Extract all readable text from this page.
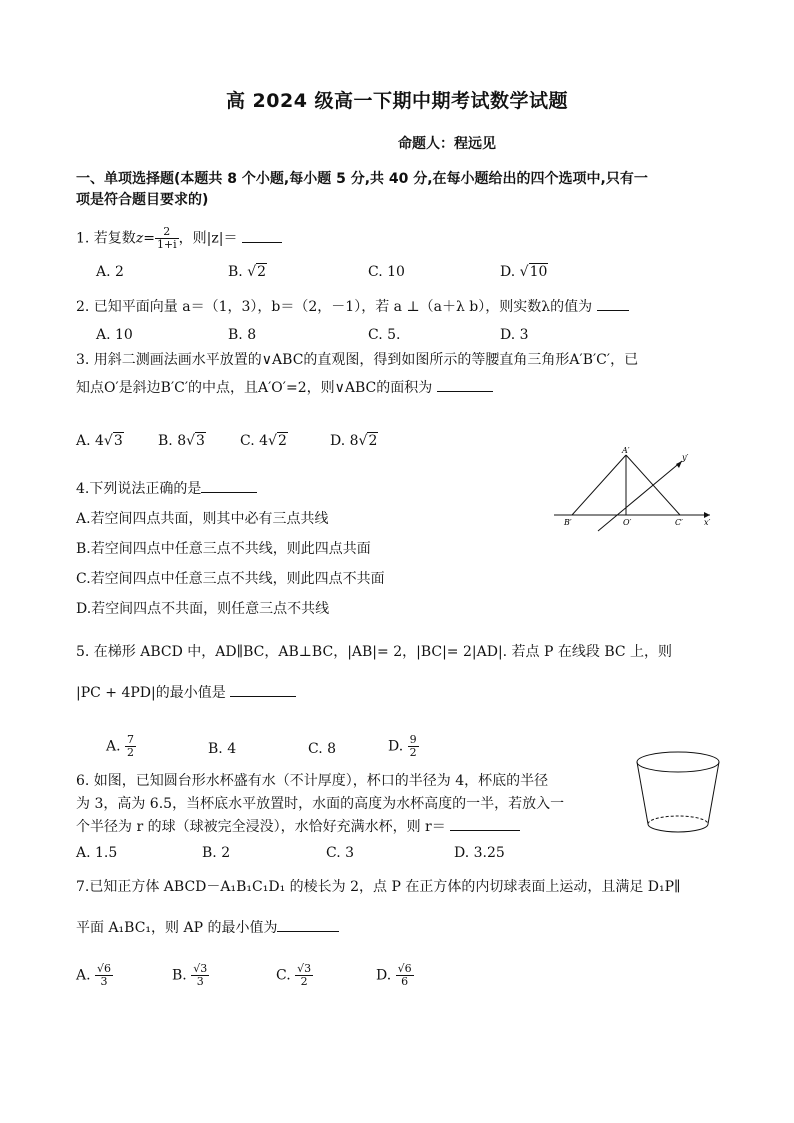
高 2024 级高一下期中期考试数学试题
命题人：程远见
一、单项选择题(本题共 8 个小题,每小题 5 分,共 40 分,在每小题给出的四个选项中,只有一
项是符合题目要求的)
1. 若复数$z= \frac{2}{1+i}$ ，则|z|＝
A. 2	B. √2	C. 10	D. √10
2. 已知平面向量 a＝（1，3），b＝（2，－1），若 a ⊥（a＋λ b），则实数λ的值为
A. 10	B. 8	C. 5.	D. 3
3. 用斜二测画法画水平放置的∨ABC的直观图，得到如图所示的等腰直角三角形A′B′C′，已
知点O′是斜边B′C′的中点，且A′O′=2，则∨ABC的面积为
A. 4√3	B. 8√3	C. 4√2	D. 8√2
A′
B′	O′	C′	x′
y′
4.下列说法正确的是
A.若空间四点共面，则其中必有三点共线
B.若空间四点中任意三点不共线，则此四点共面
C.若空间四点中任意三点不共线，则此四点不共面
D.若空间四点不共面，则任意三点不共线
5. 在梯形 ABCD 中，AD∥BC，AB⊥BC，|AB|= 2，|BC|= 2|AD|. 若点 P 在线段 BC 上，则
|PC + 4PD|的最小值是
A. $\frac{7}{2}$	B. 4	C. 8	D. $\frac{9}{2}$
6. 如图，已知圆台形水杯盛有水（不计厚度），杯口的半径为 4，杯底的半径
为 3，高为 6.5，当杯底水平放置时，水面的高度为水杯高度的一半，若放入一
个半径为 r 的球（球被完全浸没），水恰好充满水杯，则 r＝
A. 1.5	B. 2	C. 3	D. 3.25
7.已知正方体 ABCD－A₁B₁C₁D₁ 的棱长为 2，点 P 在正方体的内切球表面上运动，且满足 D₁P∥
平面 A₁BC₁，则 AP 的最小值为
A. $\frac{√6}{3}$	B. $\frac{√3}{3}$	C. $\frac{√3}{2}$	D. $\frac{√6}{6}$
